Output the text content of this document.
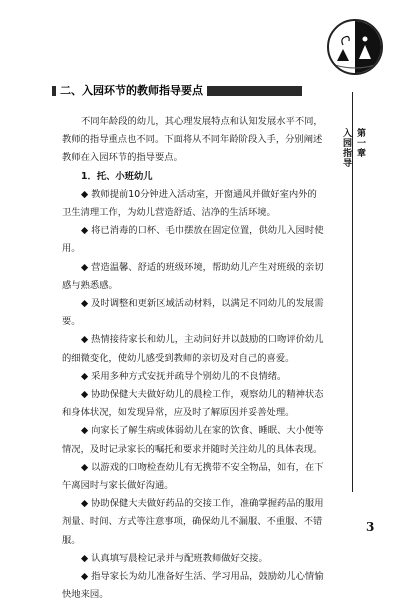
第一章
入园指导
二、入园环节的教师指导要点

不同年龄段的幼儿，其心理发展特点和认知发展水平不同，教师的指导重点也不同。下面将从不同年龄阶段入手，分别阐述教师在入园环节的指导要点。

1．托、小班幼儿

◆ 教师提前10分钟进入活动室，开窗通风并做好室内外的卫生清理工作，为幼儿营造舒适、洁净的生活环境。

◆ 将已消毒的口杯、毛巾摆放在固定位置，供幼儿入园时使用。

◆ 营造温馨、舒适的班级环境，帮助幼儿产生对班级的亲切感与熟悉感。

◆ 及时调整和更新区域活动材料，以满足不同幼儿的发展需要。

◆ 热情接待家长和幼儿，主动问好并以鼓励的口吻评价幼儿的细微变化，使幼儿感受到教师的亲切及对自己的喜爱。

◆ 采用多种方式安抚并疏导个别幼儿的不良情绪。

◆ 协助保健大夫做好幼儿的晨检工作，观察幼儿的精神状态和身体状况，如发现异常，应及时了解原因并妥善处理。

◆ 向家长了解生病或体弱幼儿在家的饮食、睡眠、大小便等情况，及时记录家长的嘱托和要求并随时关注幼儿的具体表现。

◆ 以游戏的口吻检查幼儿有无携带不安全物品，如有，在下午离园时与家长做好沟通。

◆ 协助保健大夫做好药品的交接工作，准确掌握药品的服用剂量、时间、方式等注意事项，确保幼儿不漏服、不重服、不错服。

◆ 认真填写晨检记录并与配班教师做好交接。

◆ 指导家长为幼儿准备好生活、学习用品，鼓励幼儿心情愉快地来园。

3
